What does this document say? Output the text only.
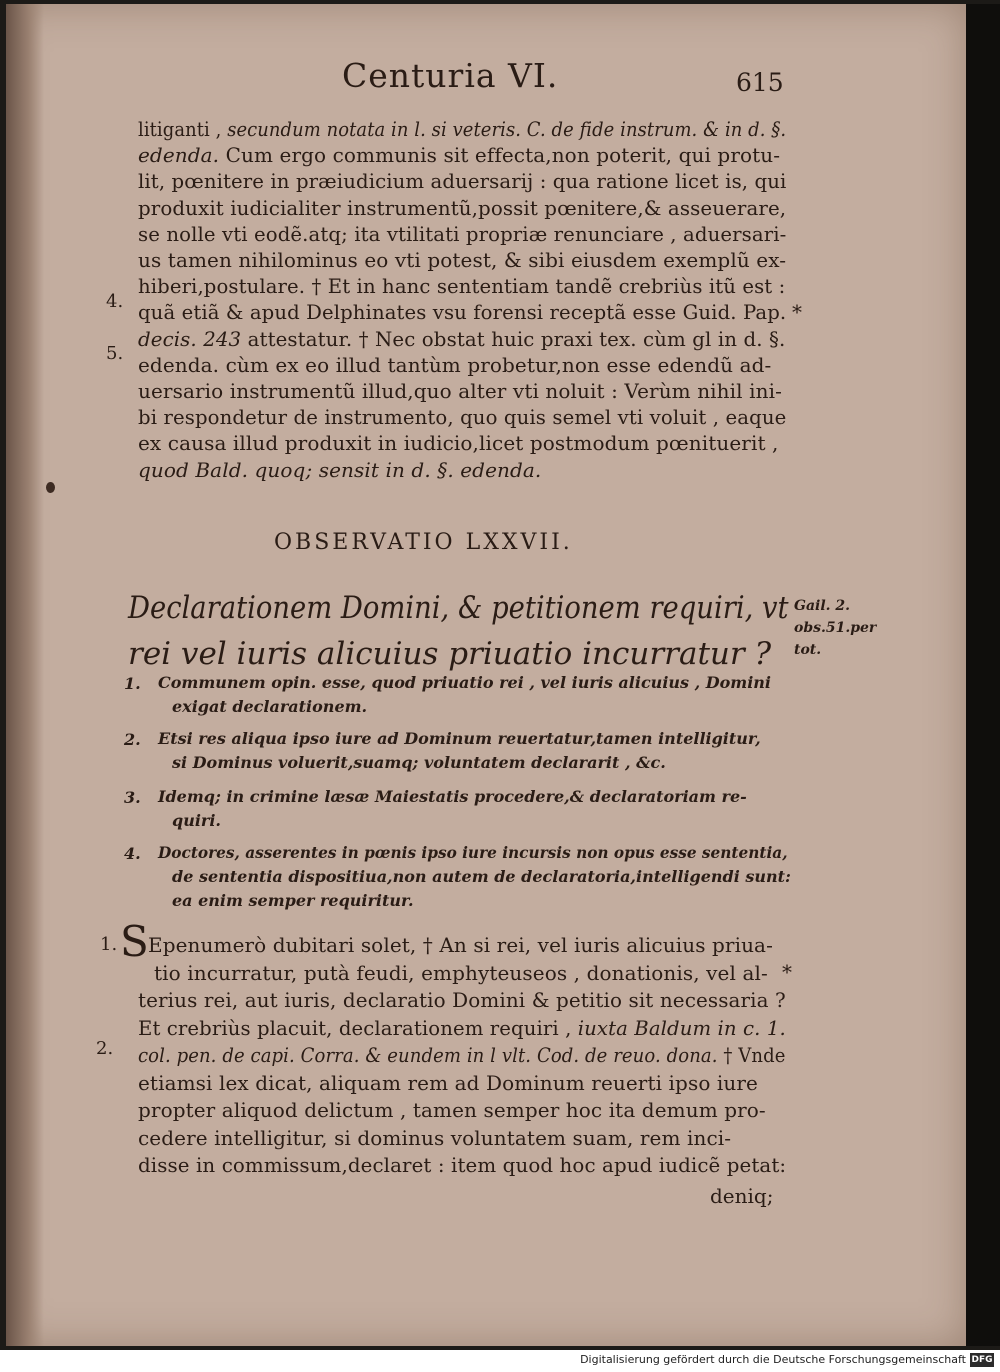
Centuria VI.	615
litiganti , secundum notata in l. si veteris. C. de fide instrum. & in d. §.
edenda. Cum ergo communis sit effecta,non poterit, qui protu-
lit, pœnitere in præiudicium aduersarij : qua ratione licet is, qui
produxit iudicialiter instrumentũ,possit pœnitere,& asseuerare,
se nolle vti eodẽ.atq; ita vtilitati propriæ renunciare , aduersari-
us tamen nihilominus eo vti potest, & sibi eiusdem exemplũ ex-
hiberi,postulare. † Et in hanc sententiam tandẽ crebriùs itũ est :
quã etiã & apud Delphinates vsu forensi receptã esse Guid. Pap.
decis. 243 attestatur. † Nec obstat huic praxi tex. cùm gl in d. §.
edenda. cùm ex eo illud tantùm probetur,non esse edendũ ad-
uersario instrumentũ illud,quo alter vti noluit : Verùm nihil ini-
bi respondetur de instrumento, quo quis semel vti voluit , eaque
ex causa illud produxit in iudicio,licet postmodum pœnituerit ,
quod Bald. quoq; sensit in d. §. edenda.
4.
5.
*
OBSERVATIO LXXVII.
Declarationem Domini, & petitionem requiri, vt
rei vel iuris alicuius priuatio incurratur ?
Gail. 2.
obs.51.per
tot.
1. Communem opin. esse, quod priuatio rei , vel iuris alicuius , Domini
exigat declarationem.
2. Etsi res aliqua ipso iure ad Dominum reuertatur,tamen intelligitur,
si Dominus voluerit,suamq; voluntatem declararit , &c.
3. Idemq; in crimine læsæ Maiestatis procedere,& declaratoriam re-
quiri.
4. Doctores, asserentes in pœnis ipso iure incursis non opus esse sententia,
de sententia dispositiua,non autem de declaratoria,intelligendi sunt:
ea enim semper requiritur.
S Epenumerò dubitari solet, † An si rei, vel iuris alicuius priua-
tio incurratur, putà feudi, emphyteuseos , donationis, vel al-
terius rei, aut iuris, declaratio Domini & petitio sit necessaria ?
Et crebriùs placuit, declarationem requiri , iuxta Baldum in c. 1.
col. pen. de capi. Corra. & eundem in l vlt. Cod. de reuo. dona. † Vnde
etiamsi lex dicat, aliquam rem ad Dominum reuerti ipso iure
propter aliquod delictum , tamen semper hoc ita demum pro-
cedere intelligitur, si dominus voluntatem suam, rem inci-
disse in commissum,declaret : item quod hoc apud iudicẽ petat:
1.
2.
*
deniq;
Digitalisierung gefördert durch die Deutsche Forschungsgemeinschaft DFG
